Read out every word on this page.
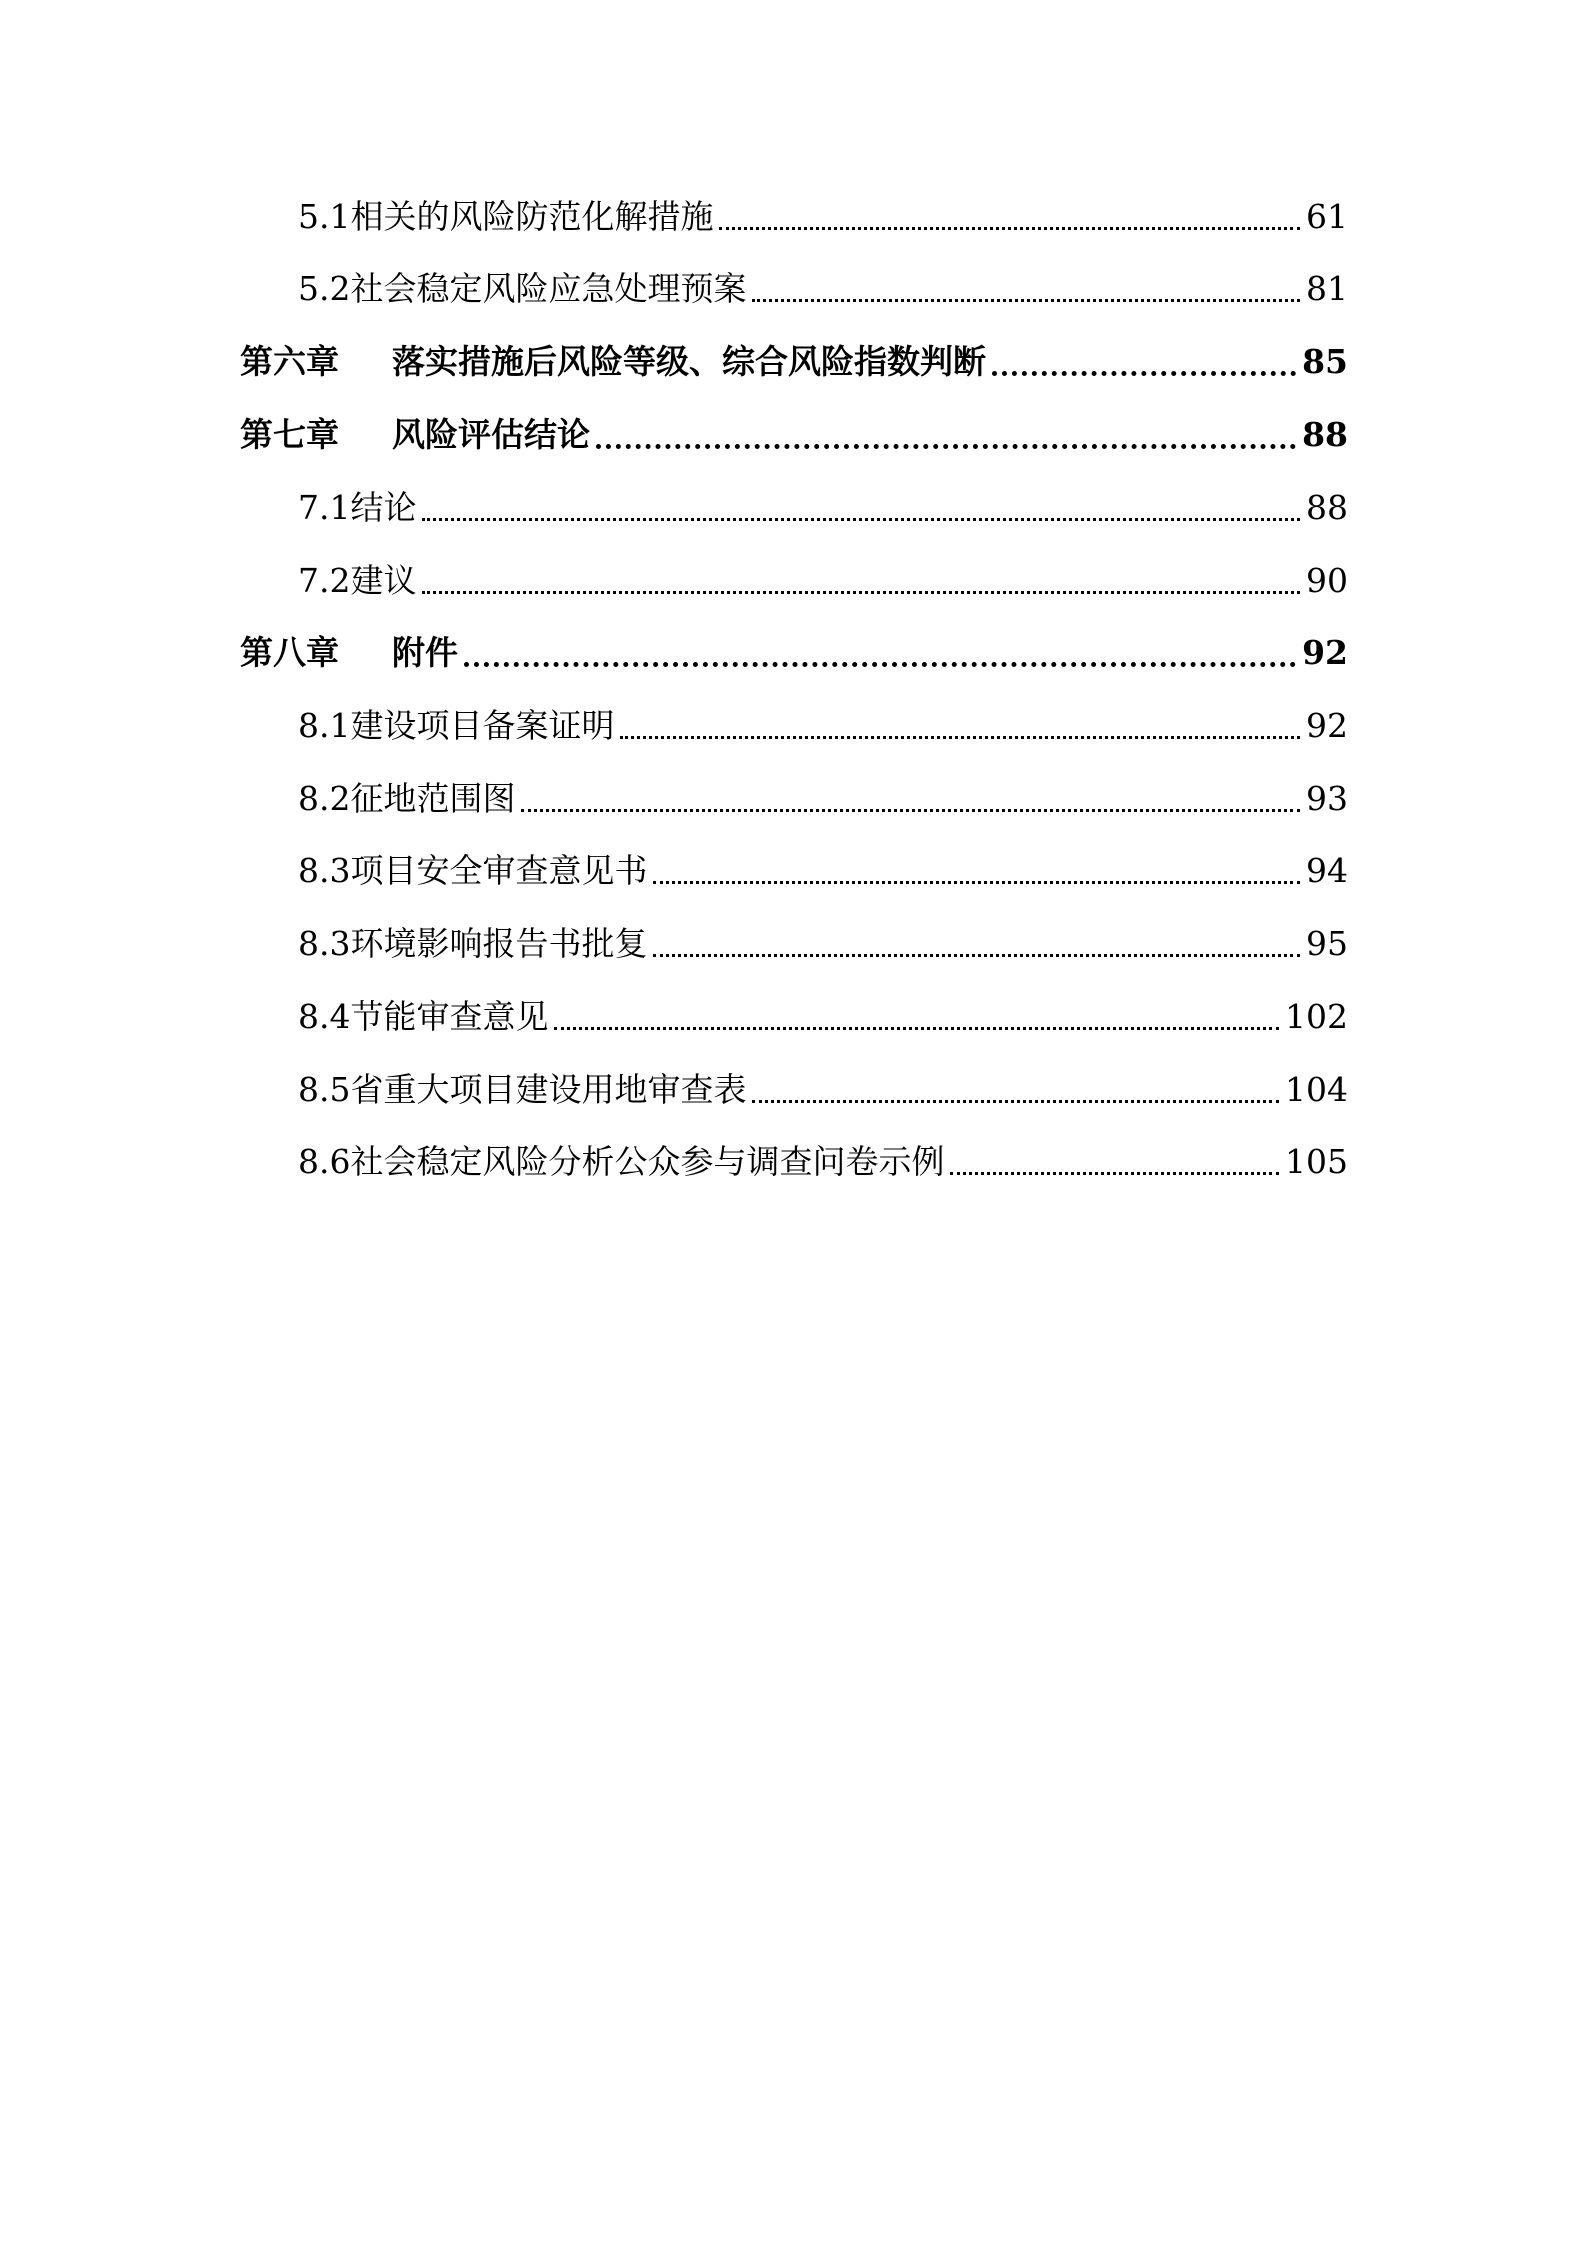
5.1相关的风险防范化解措施	61
5.2社会稳定风险应急处理预案	81
第六章	落实措施后风险等级、综合风险指数判断	85
第七章	风险评估结论	88
7.1结论	88
7.2建议	90
第八章	附件	92
8.1建设项目备案证明	92
8.2征地范围图	93
8.3项目安全审查意见书	94
8.3环境影响报告书批复	95
8.4节能审查意见	102
8.5省重大项目建设用地审查表	104
8.6社会稳定风险分析公众参与调查问卷示例	105
